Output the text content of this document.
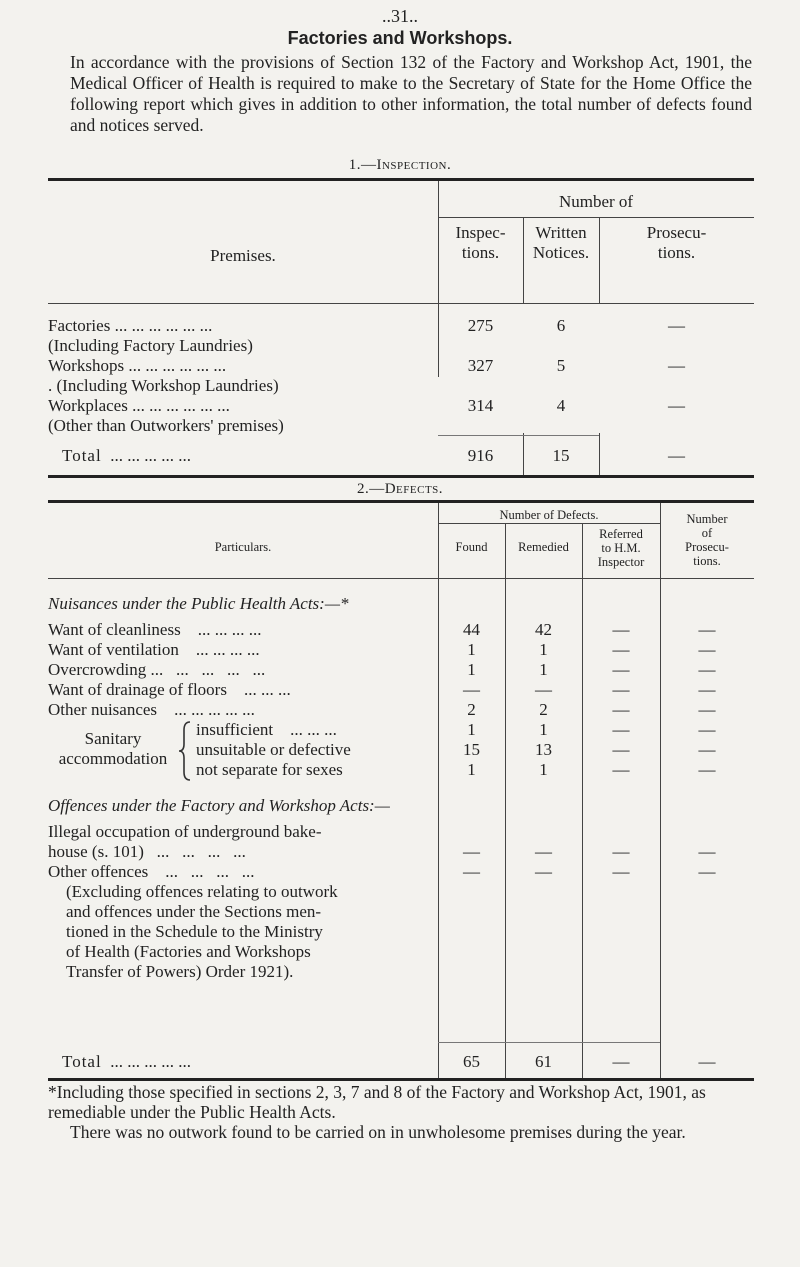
..31..
Factories and Workshops.
In accordance with the provisions of Section 132 of the Factory and Workshop Act, 1901, the Medical Officer of Health is required to make to the Secretary of State for the Home Office the following report which gives in addition to other information, the total number of defects found and notices served.
1.—Inspection.
Number of
Premises.
Inspec-
tions.
Written
Notices.
Prosecu-
tions.
Factories ... ... ... ... ... ...
(Including Factory Laundries)
275	6	—
Workshops ... ... ... ... ... ...
. (Including Workshop Laundries)
327	5	—
Workplaces ... ... ... ... ... ...
(Other than Outworkers' premises)
314	4	—
Total  ... ... ... ... ...	916	15	—
2.—Defects.
Number of Defects.
Particulars.	Found	Remedied
Referred
to H.M.
Inspector
Number
of
Prosecu-
tions.
Nuisances under the Public Health Acts:—*
Want of cleanliness    ... ... ... ...	44	42	—	—
Want of ventilation    ... ... ... ...	1	1	—	—
Overcrowding ...   ...   ...   ...   ...	1	1	—	—
Want of drainage of floors    ... ... ...	—	—	—	—
Other nuisances    ... ... ... ... ...	2	2	—	—
Sanitary
accommodation
insufficient    ... ... ...	1	1	—	—
unsuitable or defective	15	13	—	—
not separate for sexes	1	1	—	—
Offences under the Factory and Workshop Acts:—
Illegal occupation of underground bake-
house (s. 101)   ...   ...   ...   ...	—	—	—	—
Other offences    ...   ...   ...   ...	—	—	—	—
(Excluding offences relating to outwork
and offences under the Sections men-
tioned in the Schedule to the Ministry
of Health (Factories and Workshops
Transfer of Powers) Order 1921).
Total  ... ... ... ... ...	65	61	—	—
*Including those specified in sections 2, 3, 7 and 8 of the Factory and Workshop Act, 1901, as remediable under the Public Health Acts.
There was no outwork found to be carried on in unwholesome premises during the year.
